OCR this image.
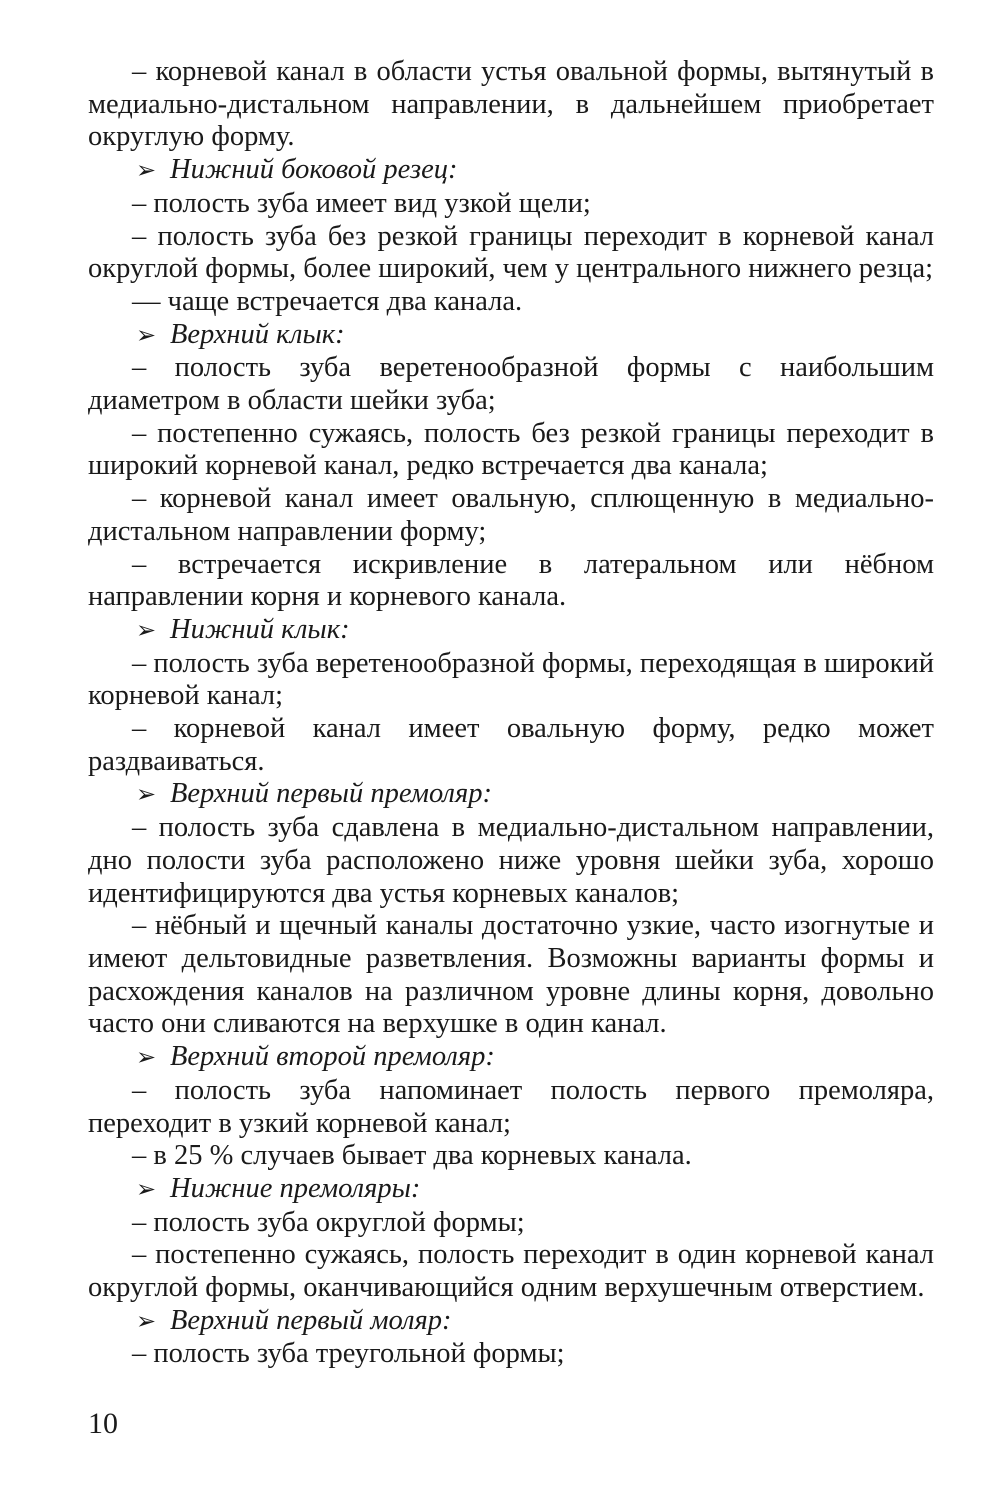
– корневой канал в области устья овальной формы, вытянутый в медиально-дистальном направлении, в дальнейшем приобретает округлую форму.

➢ Нижний боковой резец:

– полость зуба имеет вид узкой щели;

– полость зуба без резкой границы переходит в корневой канал округлой формы, более широкий, чем у центрального нижнего резца;

— чаще встречается два канала.

➢ Верхний клык:

– полость зуба веретенообразной формы с наибольшим диаметром в области шейки зуба;

– постепенно сужаясь, полость без резкой границы переходит в широкий корневой канал, редко встречается два канала;

– корневой канал имеет овальную, сплющенную в медиально-дистальном направлении форму;

– встречается искривление в латеральном или нёбном направлении корня и корневого канала.

➢ Нижний клык:

– полость зуба веретенообразной формы, переходящая в широкий корневой канал;

– корневой канал имеет овальную форму, редко может раздваиваться.

➢ Верхний первый премоляр:

– полость зуба сдавлена в медиально-дистальном направлении, дно полости зуба расположено ниже уровня шейки зуба, хорошо идентифицируются два устья корневых каналов;

– нёбный и щечный каналы достаточно узкие, часто изогнутые и имеют дельтовидные разветвления. Возможны варианты формы и расхождения каналов на различном уровне длины корня, довольно часто они сливаются на верхушке в один канал.

➢ Верхний второй премоляр:

– полость зуба напоминает полость первого премоляра, переходит в узкий корневой канал;

– в 25 % случаев бывает два корневых канала.

➢ Нижние премоляры:

– полость зуба округлой формы;

– постепенно сужаясь, полость переходит в один корневой канал округлой формы, оканчивающийся одним верхушечным отверстием.

➢ Верхний первый моляр:

– полость зуба треугольной формы;

10
